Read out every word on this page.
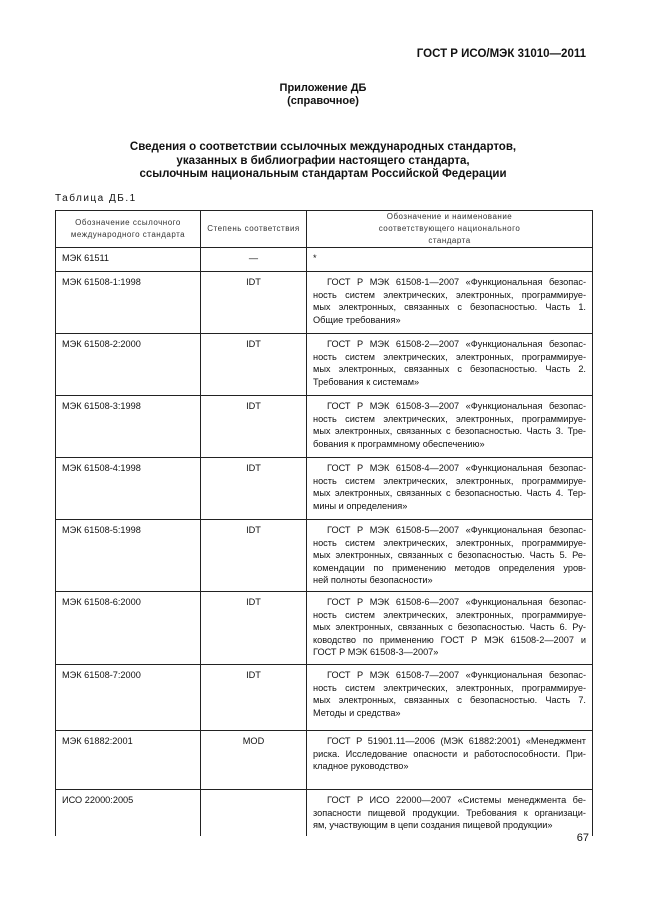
ГОСТ Р ИСО/МЭК 31010—2011
Приложение ДБ
(справочное)
Сведения о соответствии ссылочных международных стандартов,
указанных в библиографии настоящего стандарта,
ссылочным национальным стандартам Российской Федерации
Таблица ДБ.1
Обозначение ссылочного международного стандарта	Степень соответствия	Обозначение и наименование соответствующего национального стандарта
МЭК 61511	—	*

МЭК 61508-1:1998	IDT	ГОСТ Р МЭК 61508-1—2007 «Функциональная безопас-
ность систем электрических, электронных, программируе-
мых электронных, связанных с безопасностью. Часть 1.
Общие требования»

МЭК 61508-2:2000	IDT	ГОСТ Р МЭК 61508-2—2007 «Функциональная безопас-
ность систем электрических, электронных, программируе-
мых электронных, связанных с безопасностью. Часть 2.
Требования к системам»

МЭК 61508-3:1998	IDT	ГОСТ Р МЭК 61508-3—2007 «Функциональная безопас-
ность систем электрических, электронных, программируе-
мых электронных, связанных с безопасностью. Часть 3. Тре-
бования к программному обеспечению»

МЭК 61508-4:1998	IDT	ГОСТ Р МЭК 61508-4—2007 «Функциональная безопас-
ность систем электрических, электронных, программируе-
мых электронных, связанных с безопасностью. Часть 4. Тер-
мины и определения»

МЭК 61508-5:1998	IDT	ГОСТ Р МЭК 61508-5—2007 «Функциональная безопас-
ность систем электрических, электронных, программируе-
мых электронных, связанных с безопасностью. Часть 5. Ре-
комендации по применению методов определения уров-
ней полноты безопасности»

МЭК 61508-6:2000	IDT	ГОСТ Р МЭК 61508-6—2007 «Функциональная безопас-
ность систем электрических, электронных, программируе-
мых электронных, связанных с безопасностью. Часть 6. Ру-
ководство по применению ГОСТ Р МЭК 61508-2—2007 и
ГОСТ Р МЭК 61508-3—2007»

МЭК 61508-7:2000	IDT	ГОСТ Р МЭК 61508-7—2007 «Функциональная безопас-
ность систем электрических, электронных, программируе-
мых электронных, связанных с безопасностью. Часть 7.
Методы и средства»

МЭК 61882:2001	MOD	ГОСТ Р 51901.11—2006 (МЭК 61882:2001) «Менеджмент
риска. Исследование опасности и работоспособности. При-
кладное руководство»

ИСО 22000:2005		ГОСТ Р ИСО 22000—2007 «Системы менеджмента бе-
зопасности пищевой продукции. Требования к организаци-
ям, участвующим в цепи создания пищевой продукции»
67
